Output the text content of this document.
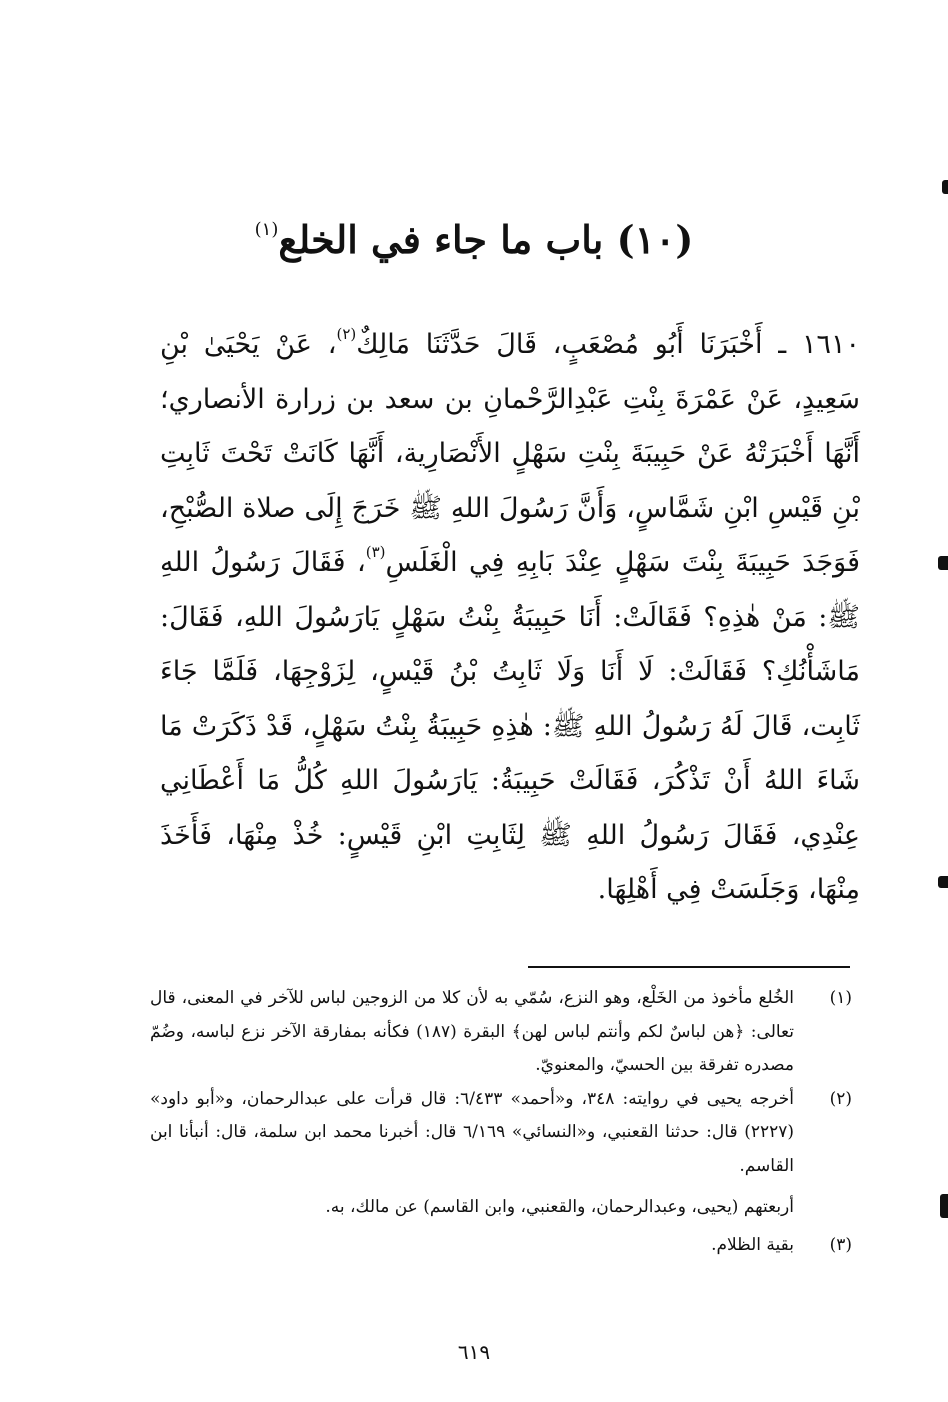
(١٠) باب ما جاء في الخلع$^{(١)}$

١٦١٠ ـ أَخْبَرَنَا أَبُو مُصْعَبٍ، قَالَ حَدَّثَنَا مَالِكٌ$^{(٢)}$، عَنْ يَحْيَىٰ بْنِ سَعِيدٍ، عَنْ عَمْرَةَ بِنْتِ عَبْدِالرَّحْمانِ بن سعد بن زرارة الأنصاري؛ أَنَّهَا أَخْبَرَتْهُ عَنْ حَبِيبَةَ بِنْتِ سَهْلٍ الأَنْصَارِية، أَنَّهَا كَانَتْ تَحْتَ ثَابِتِ بْنِ قَيْسِ ابْنِ شَمَّاسٍ، وَأَنَّ رَسُولَ اللهِ ﷺ خَرَجَ إِلَى صلاة الصُّبْحِ، فَوَجَدَ حَبِيبَةَ بِنْتَ سَهْلٍ عِنْدَ بَابِهِ فِي الْغَلَسِ$^{(٣)}$، فَقَالَ رَسُولُ اللهِ ﷺ: مَنْ هٰذِهِ؟ فَقَالَتْ: أَنَا حَبِيبَةُ بِنْتُ سَهْلٍ يَارَسُولَ اللهِ، فَقَالَ: مَاشَأْنُكِ؟ فَقَالَتْ: لَا أَنَا وَلَا ثَابِتُ بْنُ قَيْسٍ، لِزَوْجِهَا، فَلَمَّا جَاءَ ثَابِت، قَالَ لَهُ رَسُولُ اللهِ ﷺ: هٰذِهِ حَبِيبَةُ بِنْتُ سَهْلٍ، قَدْ ذَكَرَتْ مَا شَاءَ اللهُ أَنْ تَذْكُرَ، فَقَالَتْ حَبِيبَةُ: يَارَسُولَ اللهِ كُلُّ مَا أَعْطَانِي عِنْدِي، فَقَالَ رَسُولُ اللهِ ﷺ لِثَابِتِ ابْنِ قَيْسٍ: خُذْ مِنْهَا، فَأَخَذَ مِنْهَا، وَجَلَسَتْ فِي أَهْلِهَا.

(١)
الخُلع مأخوذ من الخَلْع، وهو النزع، سُمّي به لأن كلا من الزوجين لباس للآخر في المعنى، قال تعالى: ﴿هن لباسٌ لكم وأنتم لباس لهن﴾ البقرة (١٨٧) فكأنه بمفارقة الآخر نزع لباسه، وضُمّ مصدره تفرقة بين الحسيّ، والمعنويّ.
(٢)
أخرجه يحيى في روايته: ٣٤٨، و«أحمد» ٦/٤٣٣: قال قرأت على عبدالرحمان، و«أبو داود» (٢٢٢٧) قال: حدثنا القعنبي، و«النسائي» ٦/١٦٩ قال: أخبرنا محمد ابن سلمة، قال: أنبأنا ابن القاسم.
أربعتهم (يحيى، وعبدالرحمان، والقعنبي، وابن القاسم) عن مالك، به.
(٣)
بقية الظلام.

٦١٩
